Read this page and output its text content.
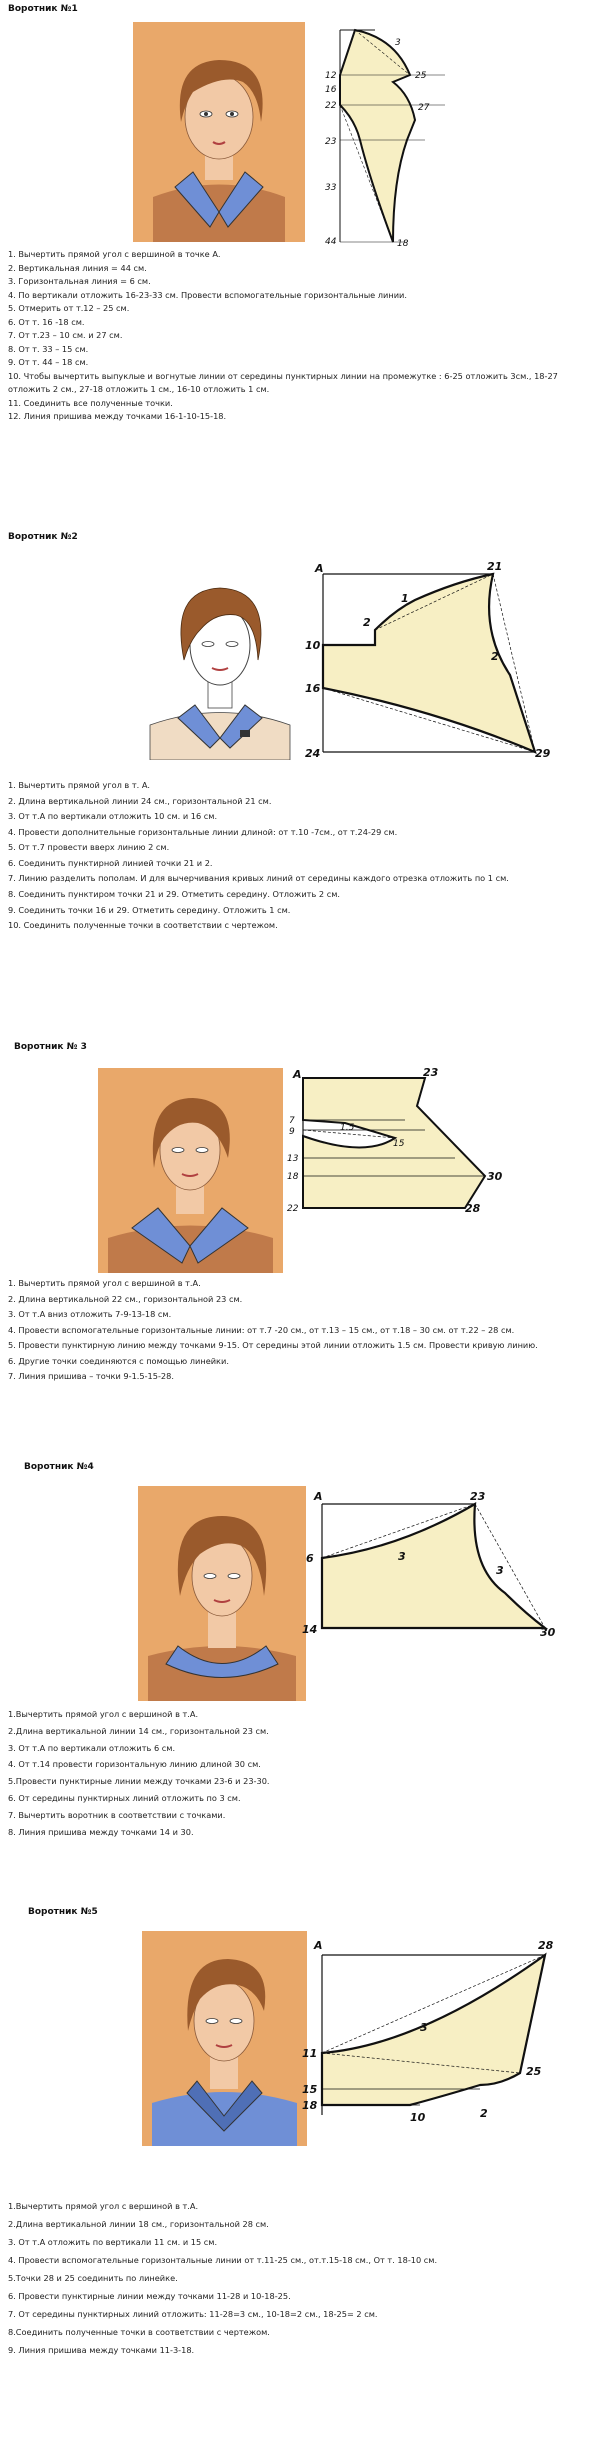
Воротник №1
3
12
16
22
23
25
27
33
44	18
1. Вычертить прямой угол с вершиной в точке А.
2. Вертикальная линия = 44 см.
3. Горизонтальная линия = 6 см.
4. По вертикали отложить 16-23-33 см. Провести вспомогательные горизонтальные линии.
5. Отмерить от т.12 – 25 см.
6. От т. 16 -18 см.
7. От т.23 – 10 см. и 27 см.
8. От т. 33 – 15 см.
9. От т. 44 – 18 см.
10. Чтобы вычертить выпуклые и вогнутые линии от середины пунктирных линии на промежутке : 6-25 отложить 3см., 18-27 отложить 2 см., 27-18 отложить 1 см., 16-10 отложить 1 см.
11. Соединить все полученные точки.
12. Линия пришива между точками 16-1-10-15-18.
Воротник №2
A	21
1
2
10
2
16
24	29
1. Вычертить прямой угол в т. А.
2. Длина вертикальной линии 24 см., горизонтальной 21 см.
3. От т.А по вертикали отложить 10 см. и 16 см.
4. Провести дополнительные горизонтальные линии длиной: от т.10 -7см., от т.24-29 см.
5. От т.7 провести вверх линию 2 см.
6. Соединить пунктирной линией точки 21 и 2.
7. Линию разделить пополам. И для вычерчивания кривых линий от середины каждого отрезка отложить по 1 см.
8. Соединить пунктиром точки 21 и 29. Отметить середину. Отложить 2 см.
9. Соединить точки 16 и 29. Отметить середину. Отложить 1 см.
10. Соединить полученные точки в соответствии с чертежом.
Воротник № 3
A	23
7
9	1.5
13
15
18	30
22	28
1. Вычертить прямой угол с вершиной в т.А.
2. Длина вертикальной 22 см., горизонтальной 23 см.
3. От т.А вниз отложить 7-9-13-18 см.
4. Провести вспомогательные горизонтальные линии: от т.7 -20 см., от т.13 – 15 см., от т.18 – 30 см. от т.22 – 28 см.
5. Провести пунктирную линию между точками 9-15. От середины этой линии отложить 1.5 см. Провести кривую линию.
6. Другие точки соединяются с помощью линейки.
7. Линия пришива – точки 9-1.5-15-28.
Воротник №4
A	23
6	3
3
14	30
1.Вычертить прямой угол с вершиной в т.А.
2.Длина вертикальной линии 14 см., горизонтальной 23 см.
3. От т.А по вертикали отложить 6 см.
4. От т.14 провести горизонтальную линию длиной 30 см.
5.Провести пунктирные линии между точками 23-6 и 23-30.
6. От середины пунктирных линий отложить по 3 см.
7. Вычертить воротник в соответствии с точками.
8. Линия пришива между точками 14 и 30.
Воротник №5
A	28
3
11
25
15
18
10	2
1.Вычертить прямой угол с вершиной в т.А.
2.Длина вертикальной линии 18 см., горизонтальной 28 см.
3. От т.А отложить по вертикали 11 см. и 15 см.
4. Провести вспомогательные горизонтальные линии от т.11-25 см., от.т.15-18 см., От т. 18-10 см.
5.Точки 28 и 25 соединить по линейке.
6. Провести пунктирные линии между точками 11-28 и 10-18-25.
7. От середины пунктирных линий отложить: 11-28=3 см., 10-18=2 см., 18-25= 2 см.
8.Соединить полученные точки в соответствии с чертежом.
9. Линия пришива между точками 11-3-18.
